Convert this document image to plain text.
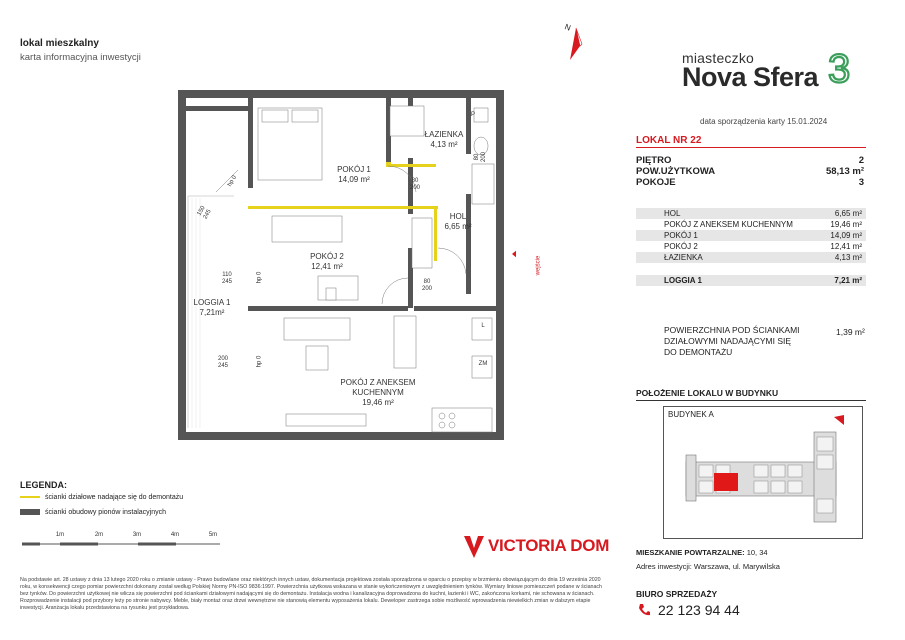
lokal mieszkalny
karta informacyjna inwestycji
N
miasteczko
Nova Sfera 3
data sporządzenia karty 15.01.2024
LOKAL NR 22
PIĘTRO	2
POW.UŻYTKOWA	58,13 m²
POKOJE	3
HOL	6,65 m²
POKÓJ Z ANEKSEM KUCHENNYM	19,46 m²
POKÓJ 1	14,09 m²
POKÓJ 2	12,41 m²
ŁAZIENKA	4,13 m²
LOGGIA 1	7,21 m²
POWIERZCHNIA POD ŚCIANKAMI DZIAŁOWYMI NADAJĄCYMI SIĘ DO DEMONTAŻU
1,39 m²
POŁOŻENIE LOKALU W BUDYNKU
BUDYNEK A
MIESZKANIE POWTARZALNE: 10, 34
Adres inwestycji: Warszawa, ul. Marywilska
BIURO SPRZEDAŻY
22 123 94 44
POKÓJ 1
14,09 m²
ŁAZIENKA
4,13 m²
HOL
6,65 m²
POKÓJ 2
12,41 m²
LOGGIA 1
7,21m²
POKÓJ Z ANEKSEM KUCHENNYM
19,46 m²
80
200
80
200
80
200
150
245
110
245
200
245
hp 0
hp 0
hp 0
P
L
ZM
wejście
LEGENDA:
ścianki działowe nadające się do demontażu
ścianki obudowy pionów instalacyjnych
1m	2m	3m	4m	5m
VICTORIA DOM
Na podstawie art. 28 ustawy z dnia 13 lutego 2020 roku o zmianie ustawy - Prawo budowlane oraz niektórych innych ustaw, dokumentacja projektowa została sporządzona w oparciu o przepisy w brzmieniu obowiązującym do dnia 19 września 2020 roku, w konsekwencji czego pomiar powierzchni dokonany został według Polskiej Normy PN-ISO 9836:1997. Powierzchnia użytkowa wskazana w stanie wykończeniowym z uwzględnieniem tynków. Wymiary liniowe pomieszczeń podane w ścianach bez tynków. Do powierzchni użytkowej nie wlicza się powierzchni pod ściankami działowymi nadającymi się do demontażu. Instalacja wodna i kanalizacyjna doprowadzona do kuchni, łazienki i WC, zakończona korkami, nie schowana w ścianach. Rozprowadzenie instalacji pod przybory leży po stronie nabywcy. Meble, biały montaż oraz drzwi wewnętrzne nie stanowią elementu wyposażenia lokalu. Deweloper zastrzega sobie możliwość wprowadzenia niewielkich zmian w dalszym etapie inwestycji. Aranżacja lokalu przedstawiona na rysunku jest przykładowa.
